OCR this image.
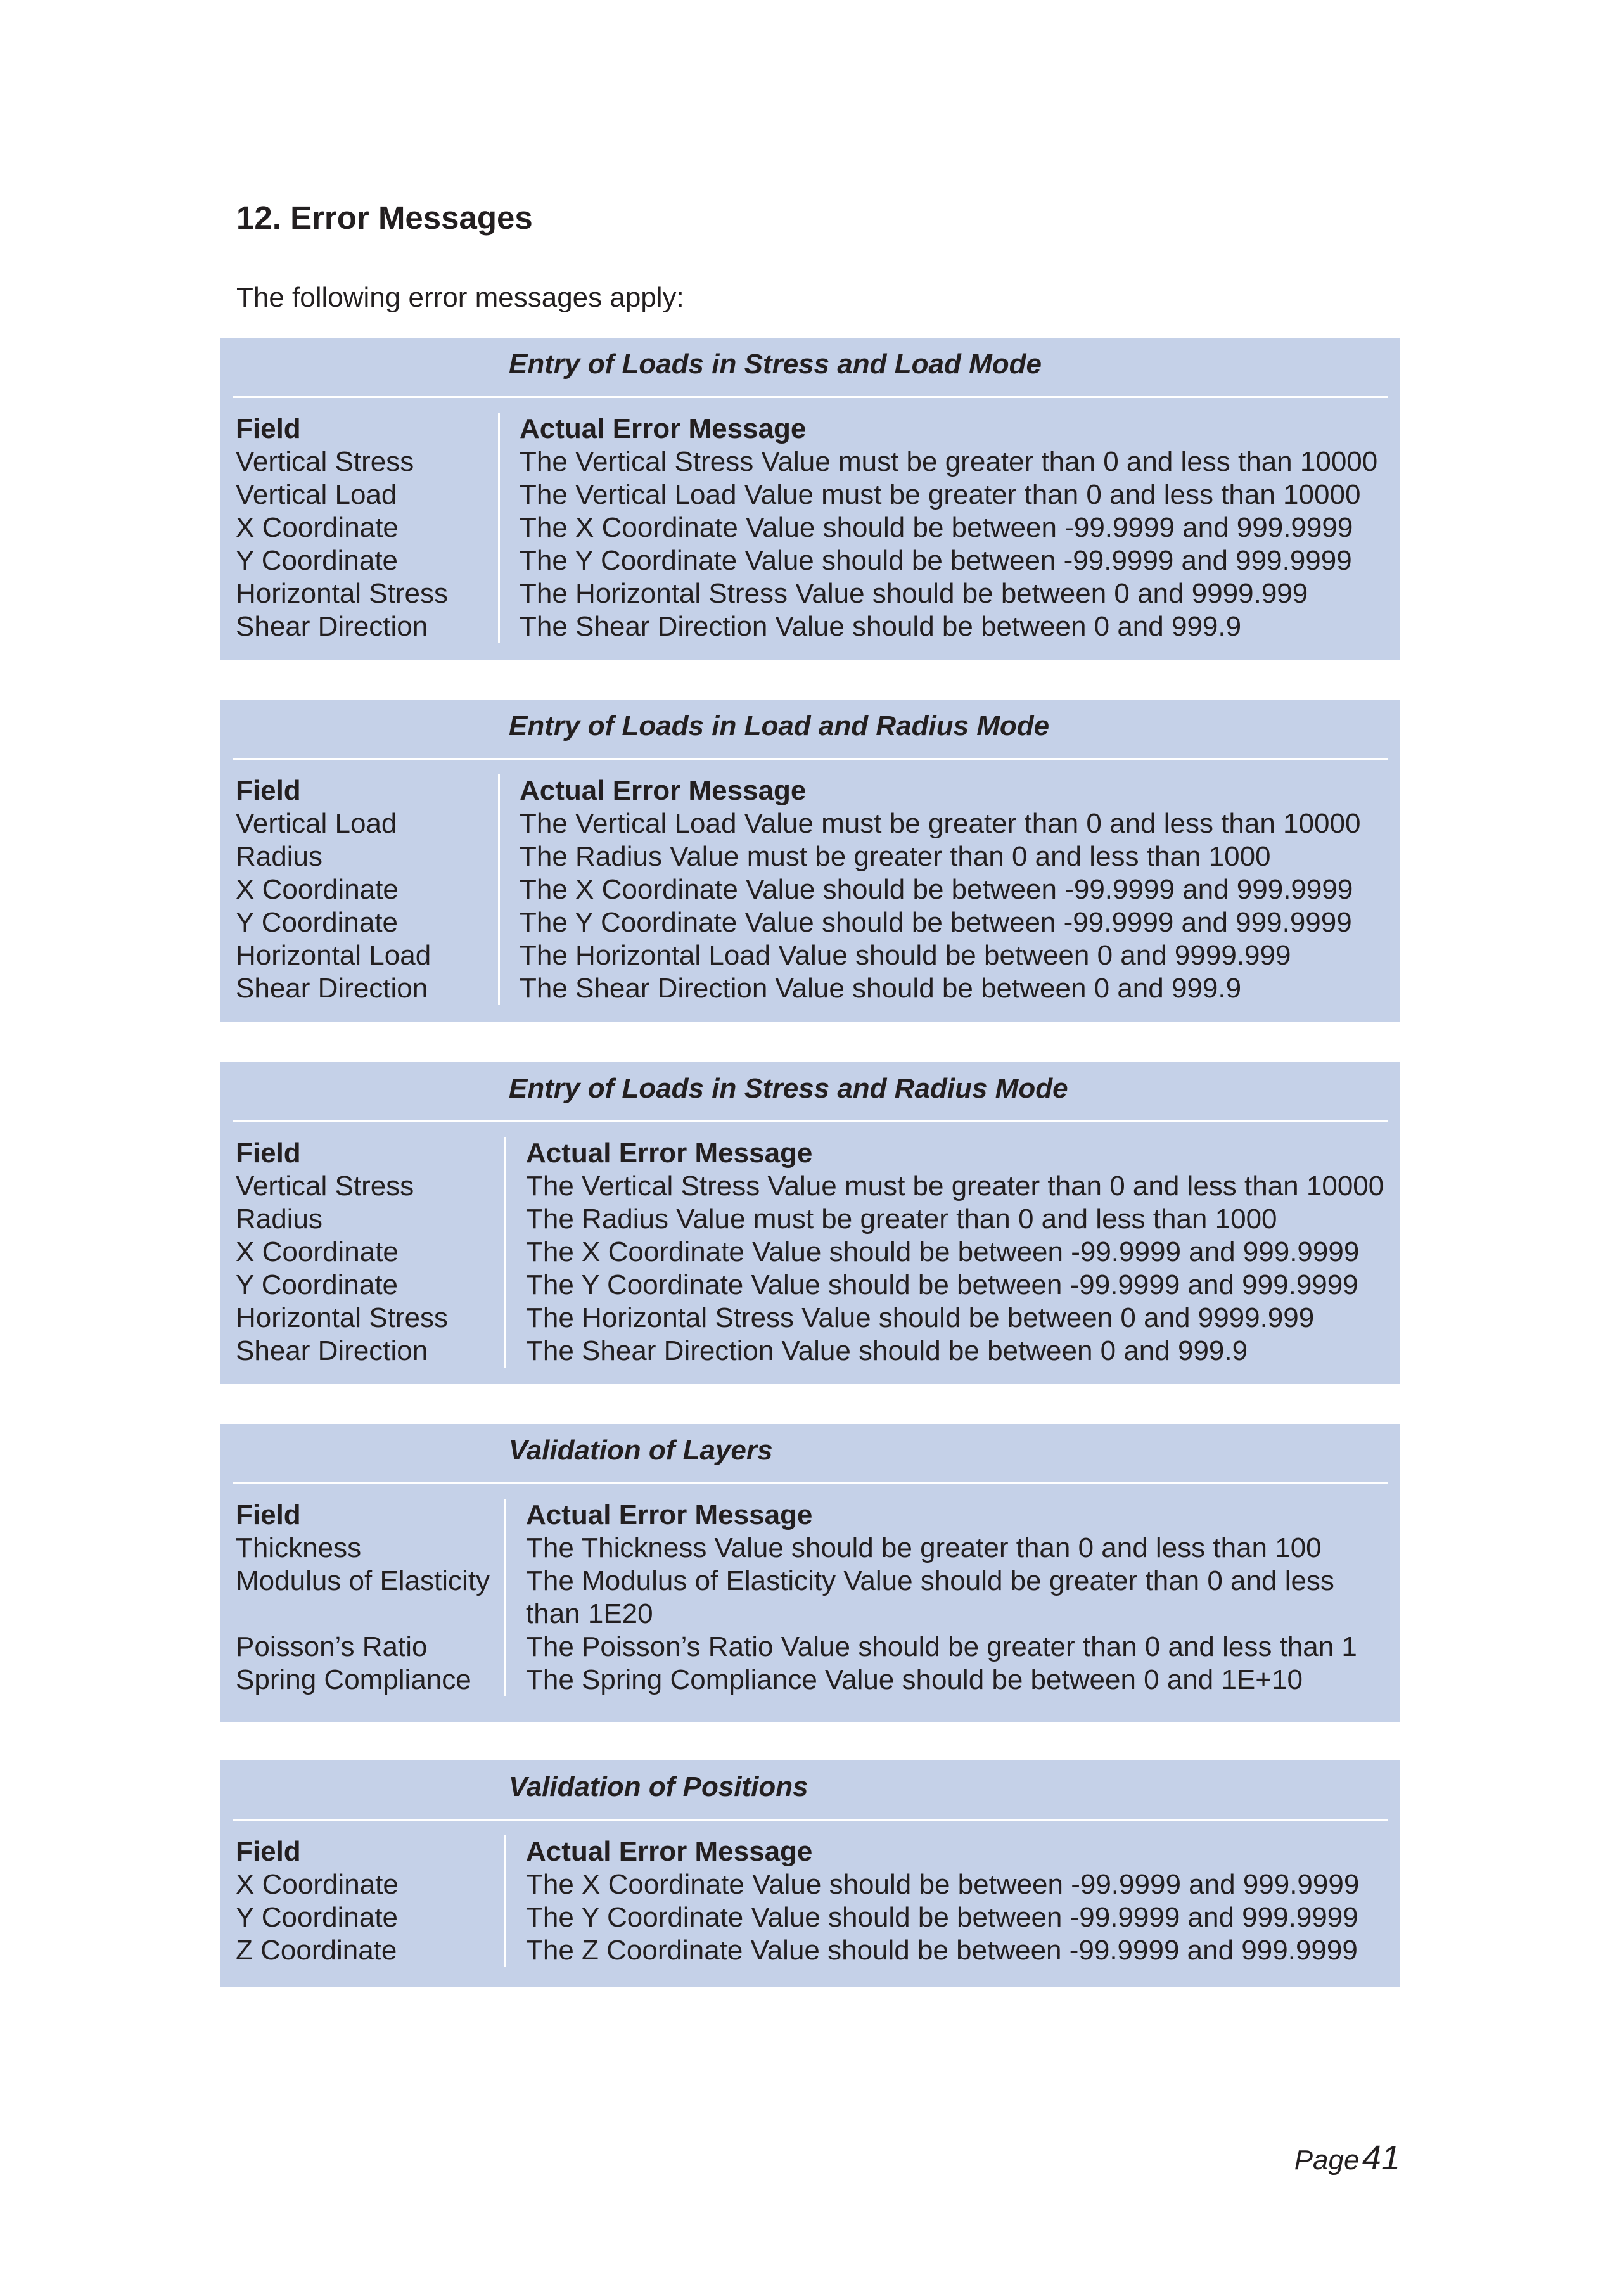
12. Error Messages

The following error messages apply:

Entry of Loads in Stress and Load Mode
Field	Actual Error Message
Vertical Stress	The Vertical Stress Value must be greater than 0 and less than 10000
Vertical Load	The Vertical Load Value must be greater than 0 and less than 10000
X Coordinate	The X Coordinate Value should be between -99.9999 and 999.9999
Y Coordinate	The Y Coordinate Value should be between -99.9999 and 999.9999
Horizontal Stress	The Horizontal Stress Value should be between 0 and 9999.999
Shear Direction	The Shear Direction Value should be between 0 and 999.9
Entry of Loads in Load and Radius Mode
Field	Actual Error Message
Vertical Load	The Vertical Load Value must be greater than 0 and less than 10000
Radius	The Radius Value must be greater than 0 and less than 1000
X Coordinate	The X Coordinate Value should be between -99.9999 and 999.9999
Y Coordinate	The Y Coordinate Value should be between -99.9999 and 999.9999
Horizontal Load	The Horizontal Load Value should be between 0 and 9999.999
Shear Direction	The Shear Direction Value should be between 0 and 999.9
Entry of Loads in Stress and Radius Mode
Field	Actual Error Message
Vertical Stress	The Vertical Stress Value must be greater than 0 and less than 10000
Radius	The Radius Value must be greater than 0 and less than 1000
X Coordinate	The X Coordinate Value should be between -99.9999 and 999.9999
Y Coordinate	The Y Coordinate Value should be between -99.9999 and 999.9999
Horizontal Stress	The Horizontal Stress Value should be between 0 and 9999.999
Shear Direction	The Shear Direction Value should be between 0 and 999.9
Validation of Layers
Field	Actual Error Message
Thickness	The Thickness Value should be greater than 0 and less than 100
Modulus of Elasticity	The Modulus of Elasticity Value should be greater than 0 and less than 1E20
Poisson’s Ratio	The Poisson’s Ratio Value should be greater than 0 and less than 1
Spring Compliance	The Spring Compliance Value should be between 0 and 1E+10
Validation of Positions
Field	Actual Error Message
X Coordinate	The X Coordinate Value should be between -99.9999 and 999.9999
Y Coordinate	The Y Coordinate Value should be between -99.9999 and 999.9999
Z Coordinate	The Z Coordinate Value should be between -99.9999 and 999.9999
Page 41
